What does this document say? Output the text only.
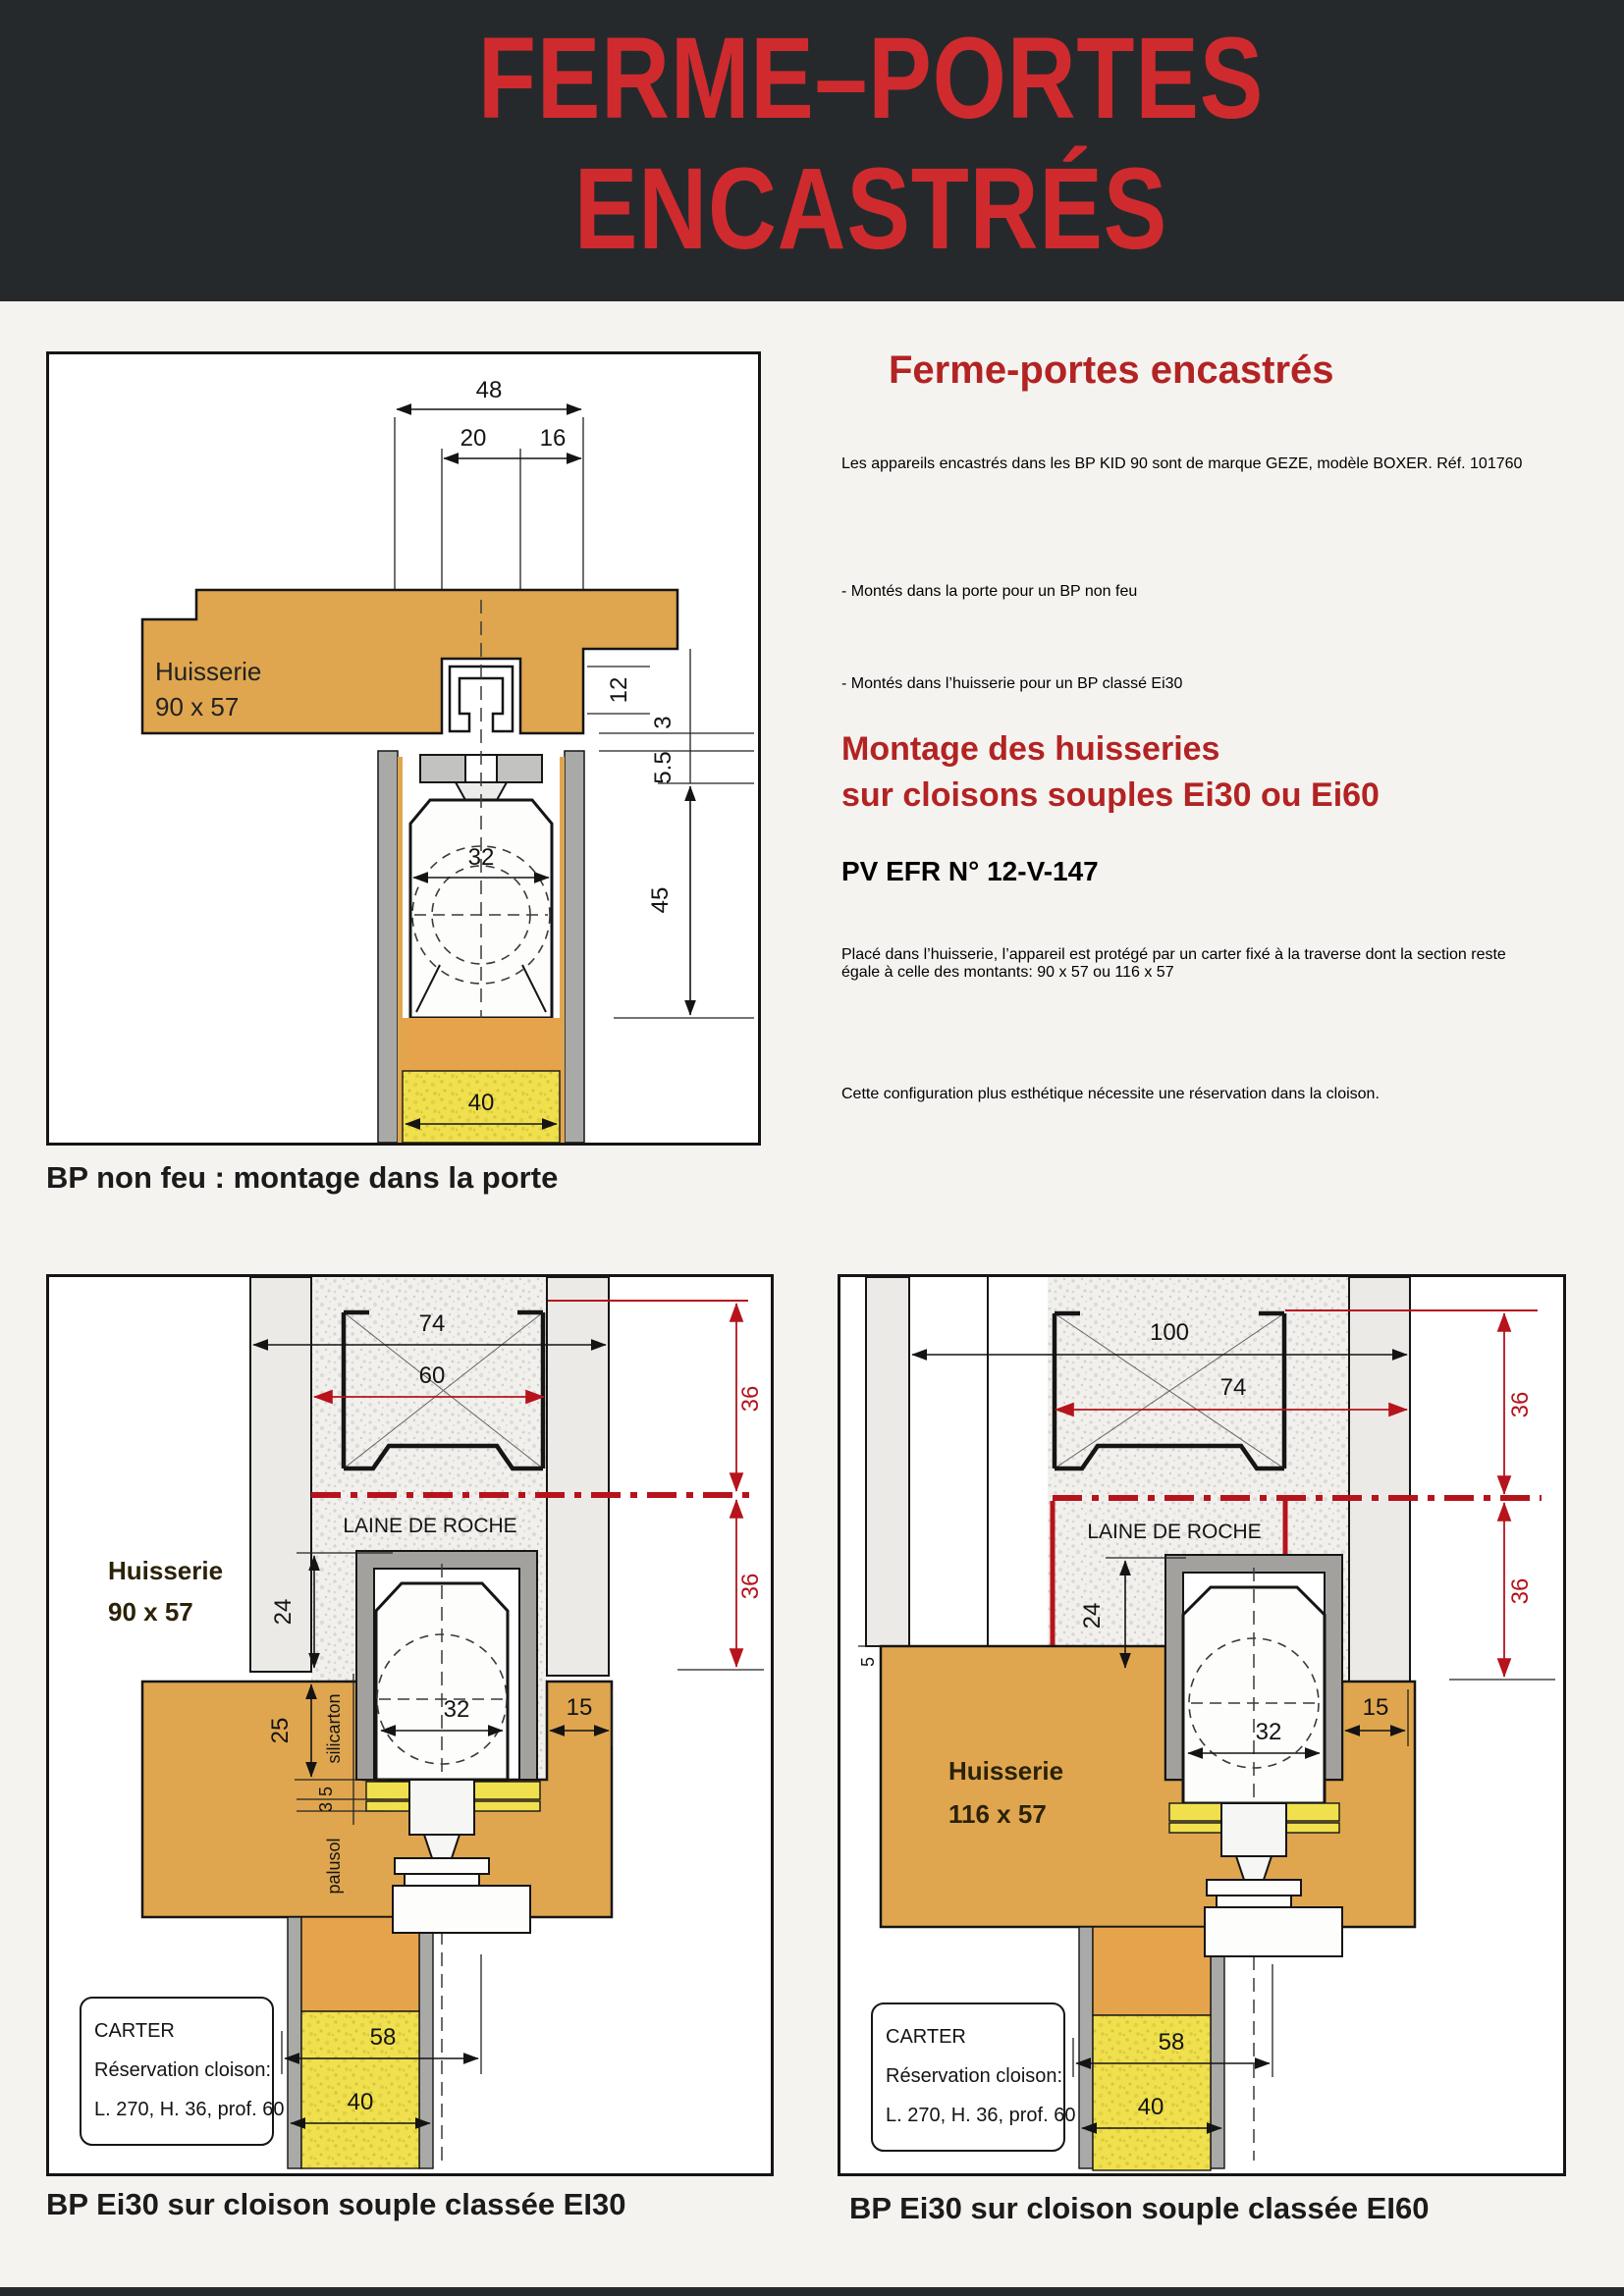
FERME–PORTES
ENCASTRÉS
48
20 16
Huisserie
90 x 57
12
3
5.5
45
32
40
BP non feu : montage dans la porte
Ferme-portes encastrés

Les appareils encastrés dans les BP KID 90 sont de marque GEZE, modèle BOXER. Réf. 101760

- Montés dans la porte pour un BP non feu

- Montés dans l’huisserie pour un BP classé Ei30

Montage des huisseries
sur cloisons souples Ei30 ou Ei60
PV EFR N° 12-V-147

Placé dans l’huisserie, l’appareil est protégé par un carter fixé à la traverse dont la section reste égale à celle des montants: 90 x 57 ou 116 x 57

Cette configuration plus esthétique nécessite une réservation dans la cloison.

74
60
LAINE DE ROCHE
36
36
Huisserie
90 x 57	24
25 silicarton
5
3
palusol
58
40
32	15
CARTER
Réservation cloison:
L. 270, H. 36, prof. 60
BP Ei30 sur cloison souple classée EI30
100
74
LAINE DE ROCHE
36
36
5
Huisserie
116 x 57
24
58
40
32
15
CARTER
Réservation cloison:
L. 270, H. 36, prof. 60
BP Ei30 sur cloison souple classée EI60
